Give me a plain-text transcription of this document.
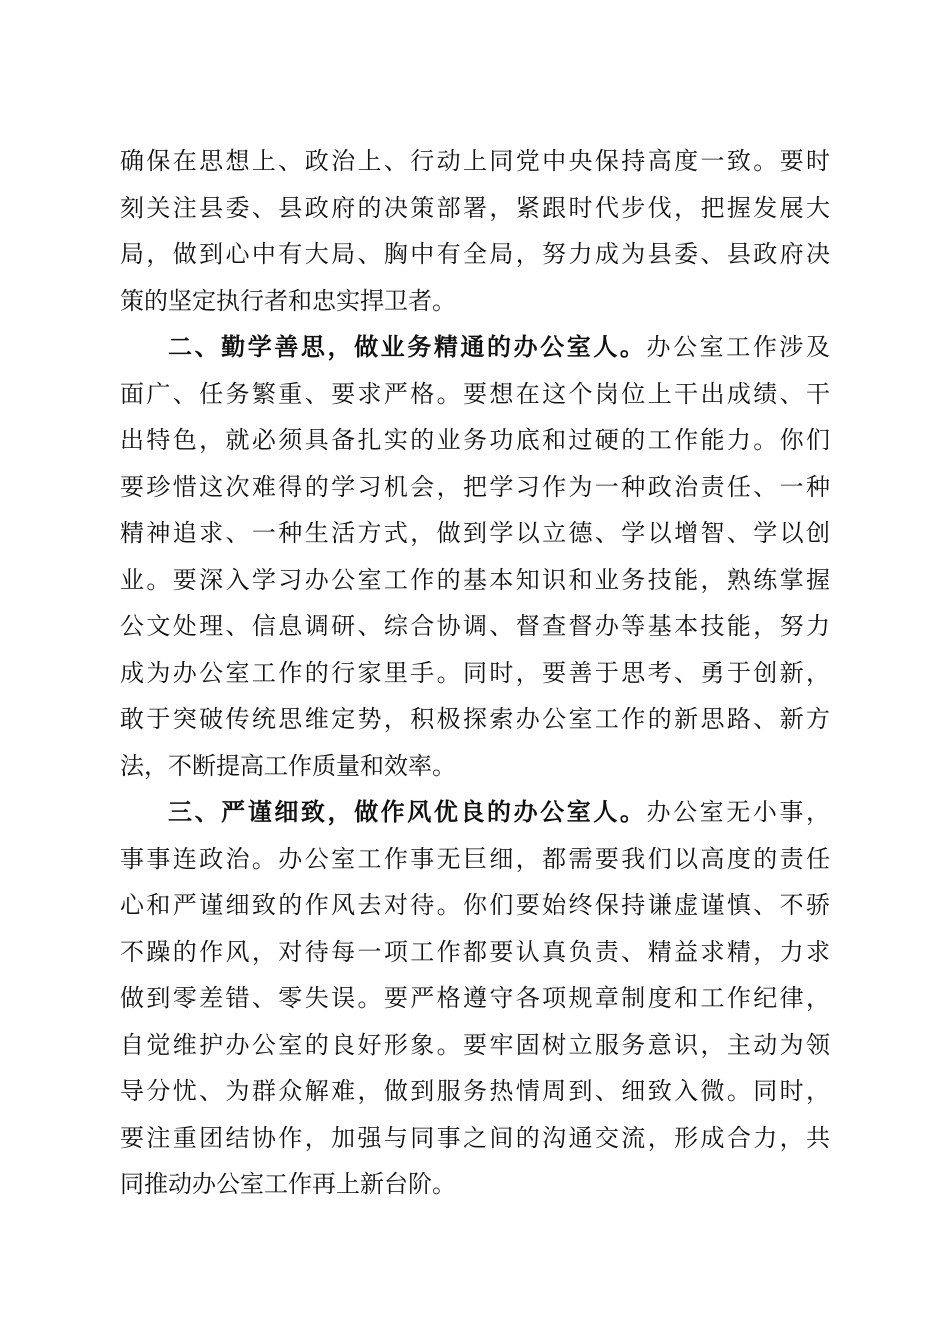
确保在思想上、政治上、行动上同党中央保持高度一致。要时
刻关注县委、县政府的决策部署，紧跟时代步伐，把握发展大
局，做到心中有大局、胸中有全局，努力成为县委、县政府决
策的坚定执行者和忠实捍卫者。
二、勤学善思，做业务精通的办公室人。办公室工作涉及
面广、任务繁重、要求严格。要想在这个岗位上干出成绩、干
出特色，就必须具备扎实的业务功底和过硬的工作能力。你们
要珍惜这次难得的学习机会，把学习作为一种政治责任、一种
精神追求、一种生活方式，做到学以立德、学以增智、学以创
业。要深入学习办公室工作的基本知识和业务技能，熟练掌握
公文处理、信息调研、综合协调、督查督办等基本技能，努力
成为办公室工作的行家里手。同时，要善于思考、勇于创新，
敢于突破传统思维定势，积极探索办公室工作的新思路、新方
法，不断提高工作质量和效率。
三、严谨细致，做作风优良的办公室人。办公室无小事，
事事连政治。办公室工作事无巨细，都需要我们以高度的责任
心和严谨细致的作风去对待。你们要始终保持谦虚谨慎、不骄
不躁的作风，对待每一项工作都要认真负责、精益求精，力求
做到零差错、零失误。要严格遵守各项规章制度和工作纪律，
自觉维护办公室的良好形象。要牢固树立服务意识，主动为领
导分忧、为群众解难，做到服务热情周到、细致入微。同时，
要注重团结协作，加强与同事之间的沟通交流，形成合力，共
同推动办公室工作再上新台阶。
